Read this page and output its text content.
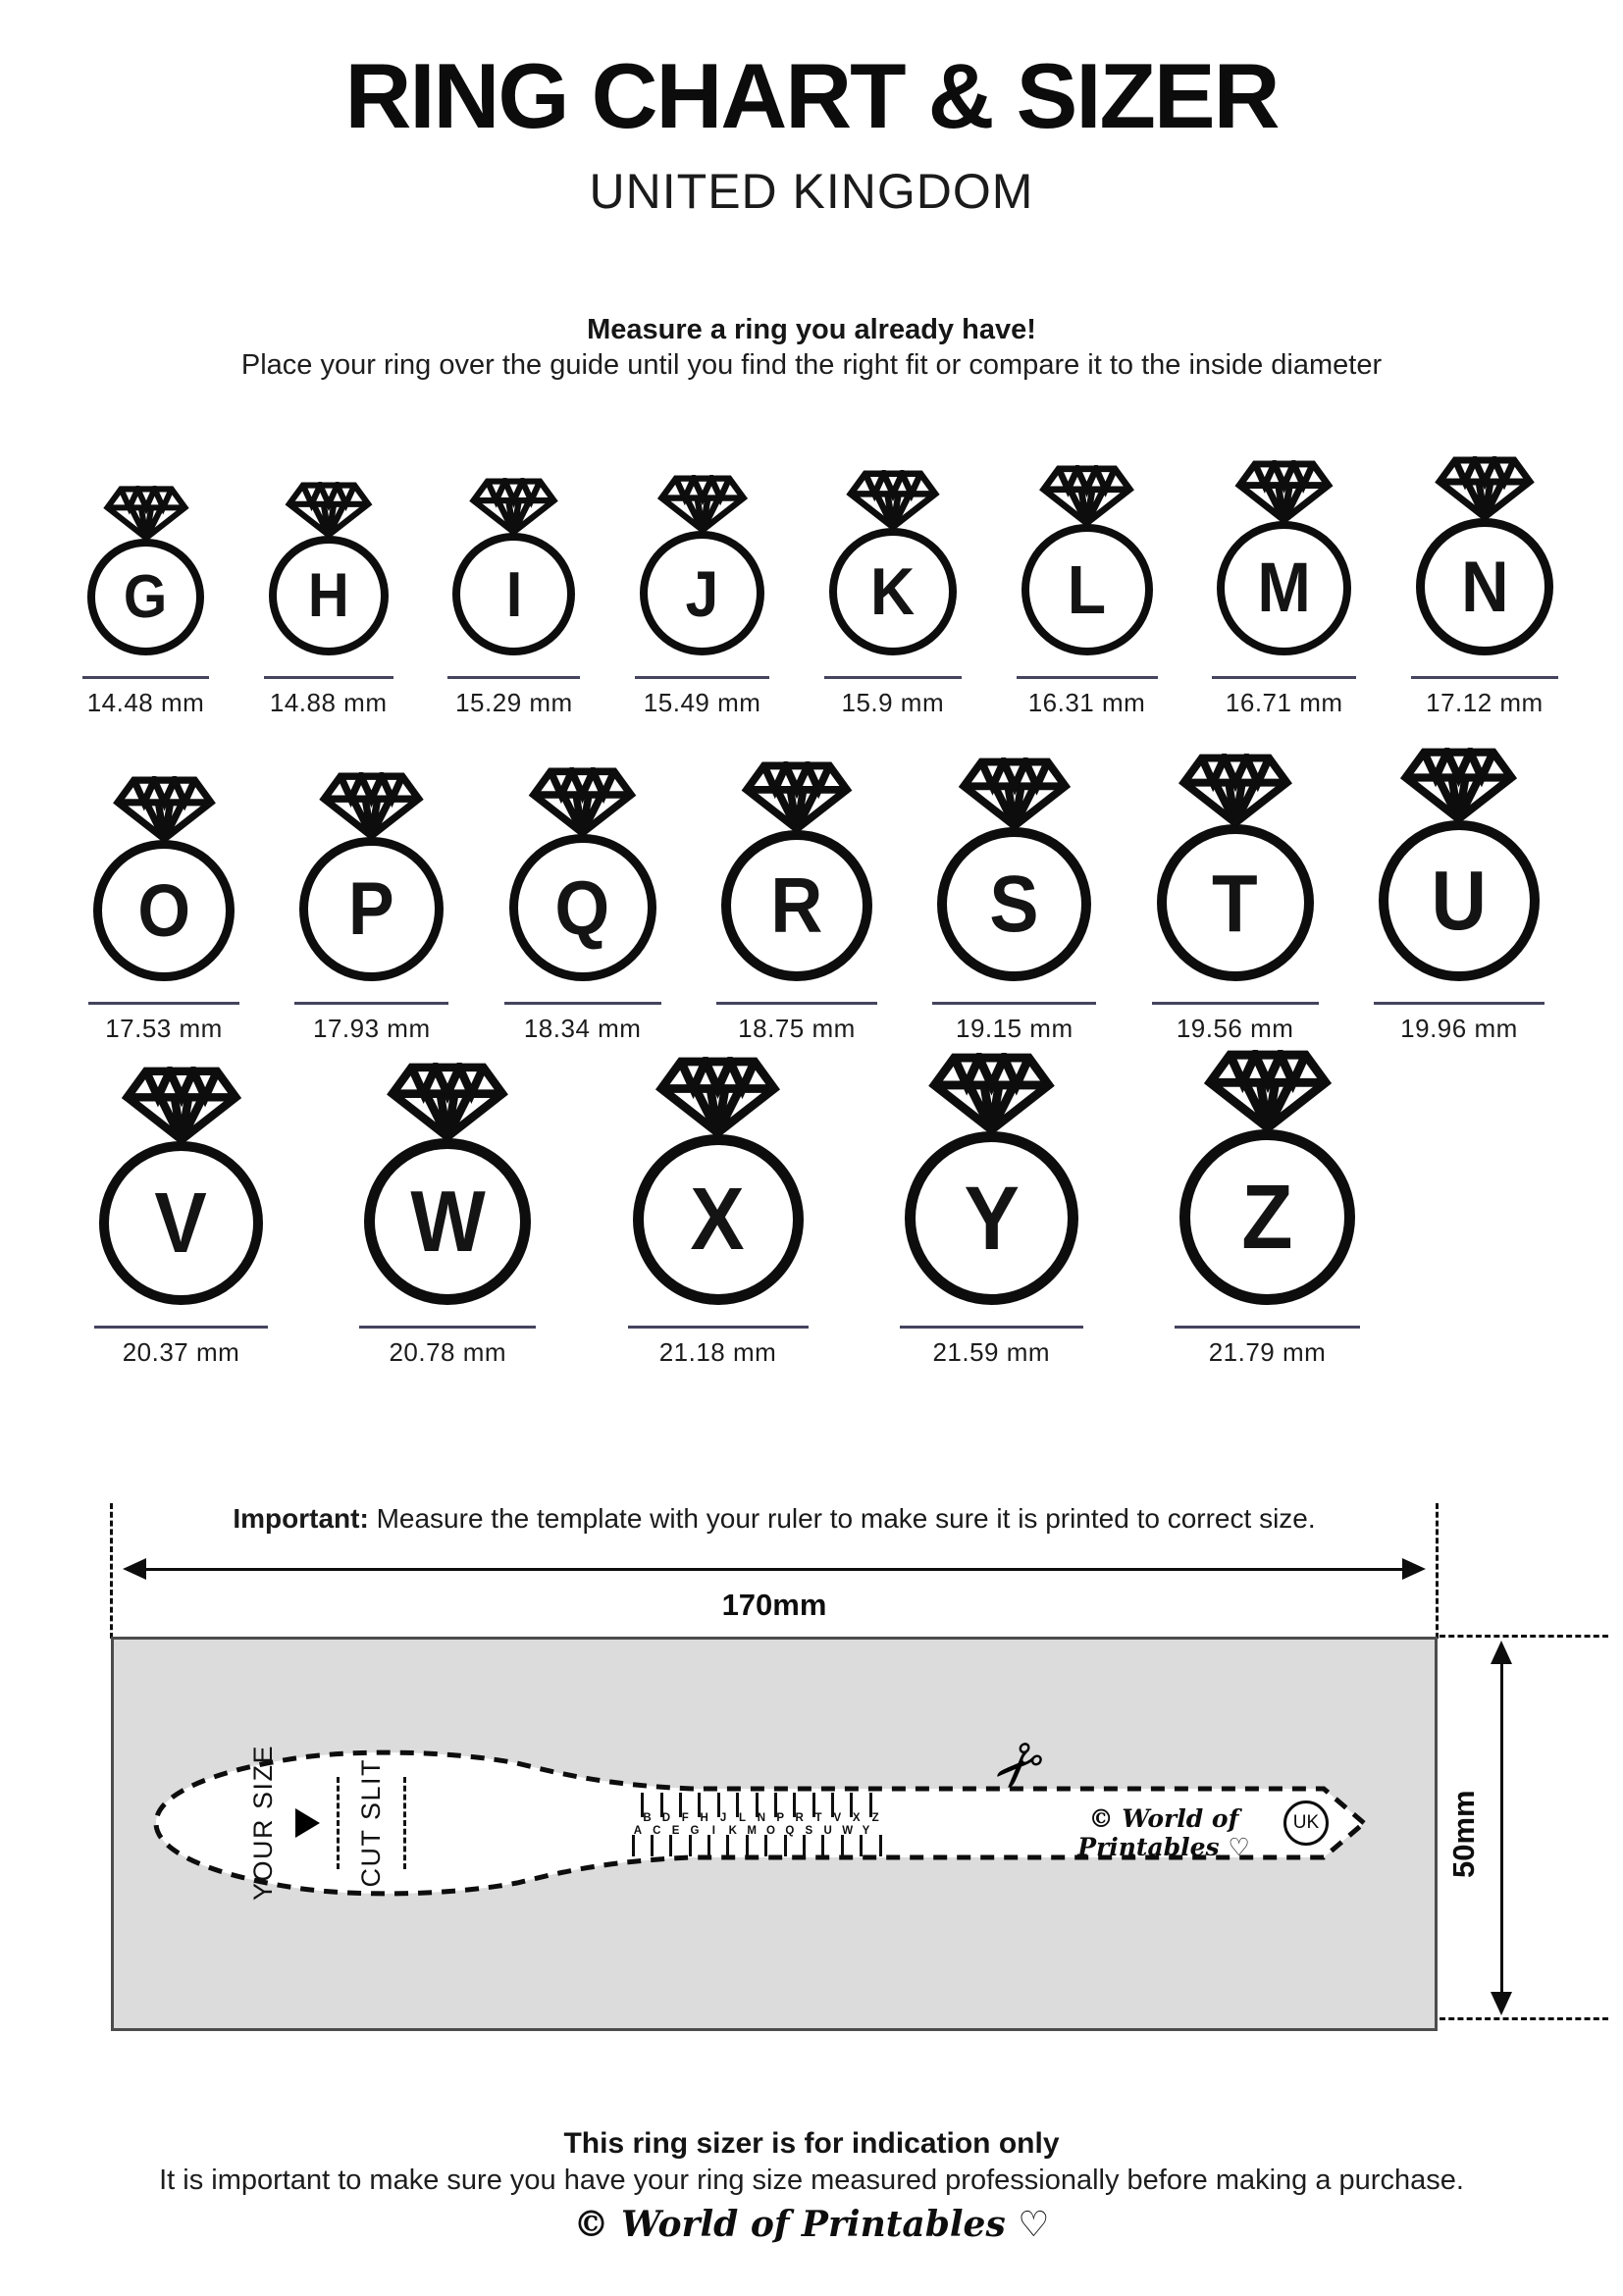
RING CHART & SIZER
UNITED KINGDOM
Measure a ring you already have!
Place your ring over the guide until you find the right fit or compare it to the inside diameter
G
14.48 mm
H
14.88 mm
I
15.29 mm
J
15.49 mm
K
15.9 mm
L
16.31 mm
M
16.71 mm
N
17.12 mm
O
17.53 mm
P
17.93 mm
Q
18.34 mm
R
18.75 mm
S
19.15 mm
T
19.56 mm
U
19.96 mm
V
20.37 mm
W
20.78 mm
X
21.18 mm
Y
21.59 mm
Z
21.79 mm
Important: Measure the template with your ruler to make sure it is printed to correct size.
170mm
YOUR SIZE	CUT SLIT	A
B
C
D
E
F
G
H
I
J
K
L
M
N
O
P
Q
R
S
T
U
V
W
X
Y
Z
✂
© World of Printables ♡
UK	50mm
This ring sizer is for indication only
It is important to make sure you have your ring size measured professionally before making a purchase.
© World of Printables ♡
